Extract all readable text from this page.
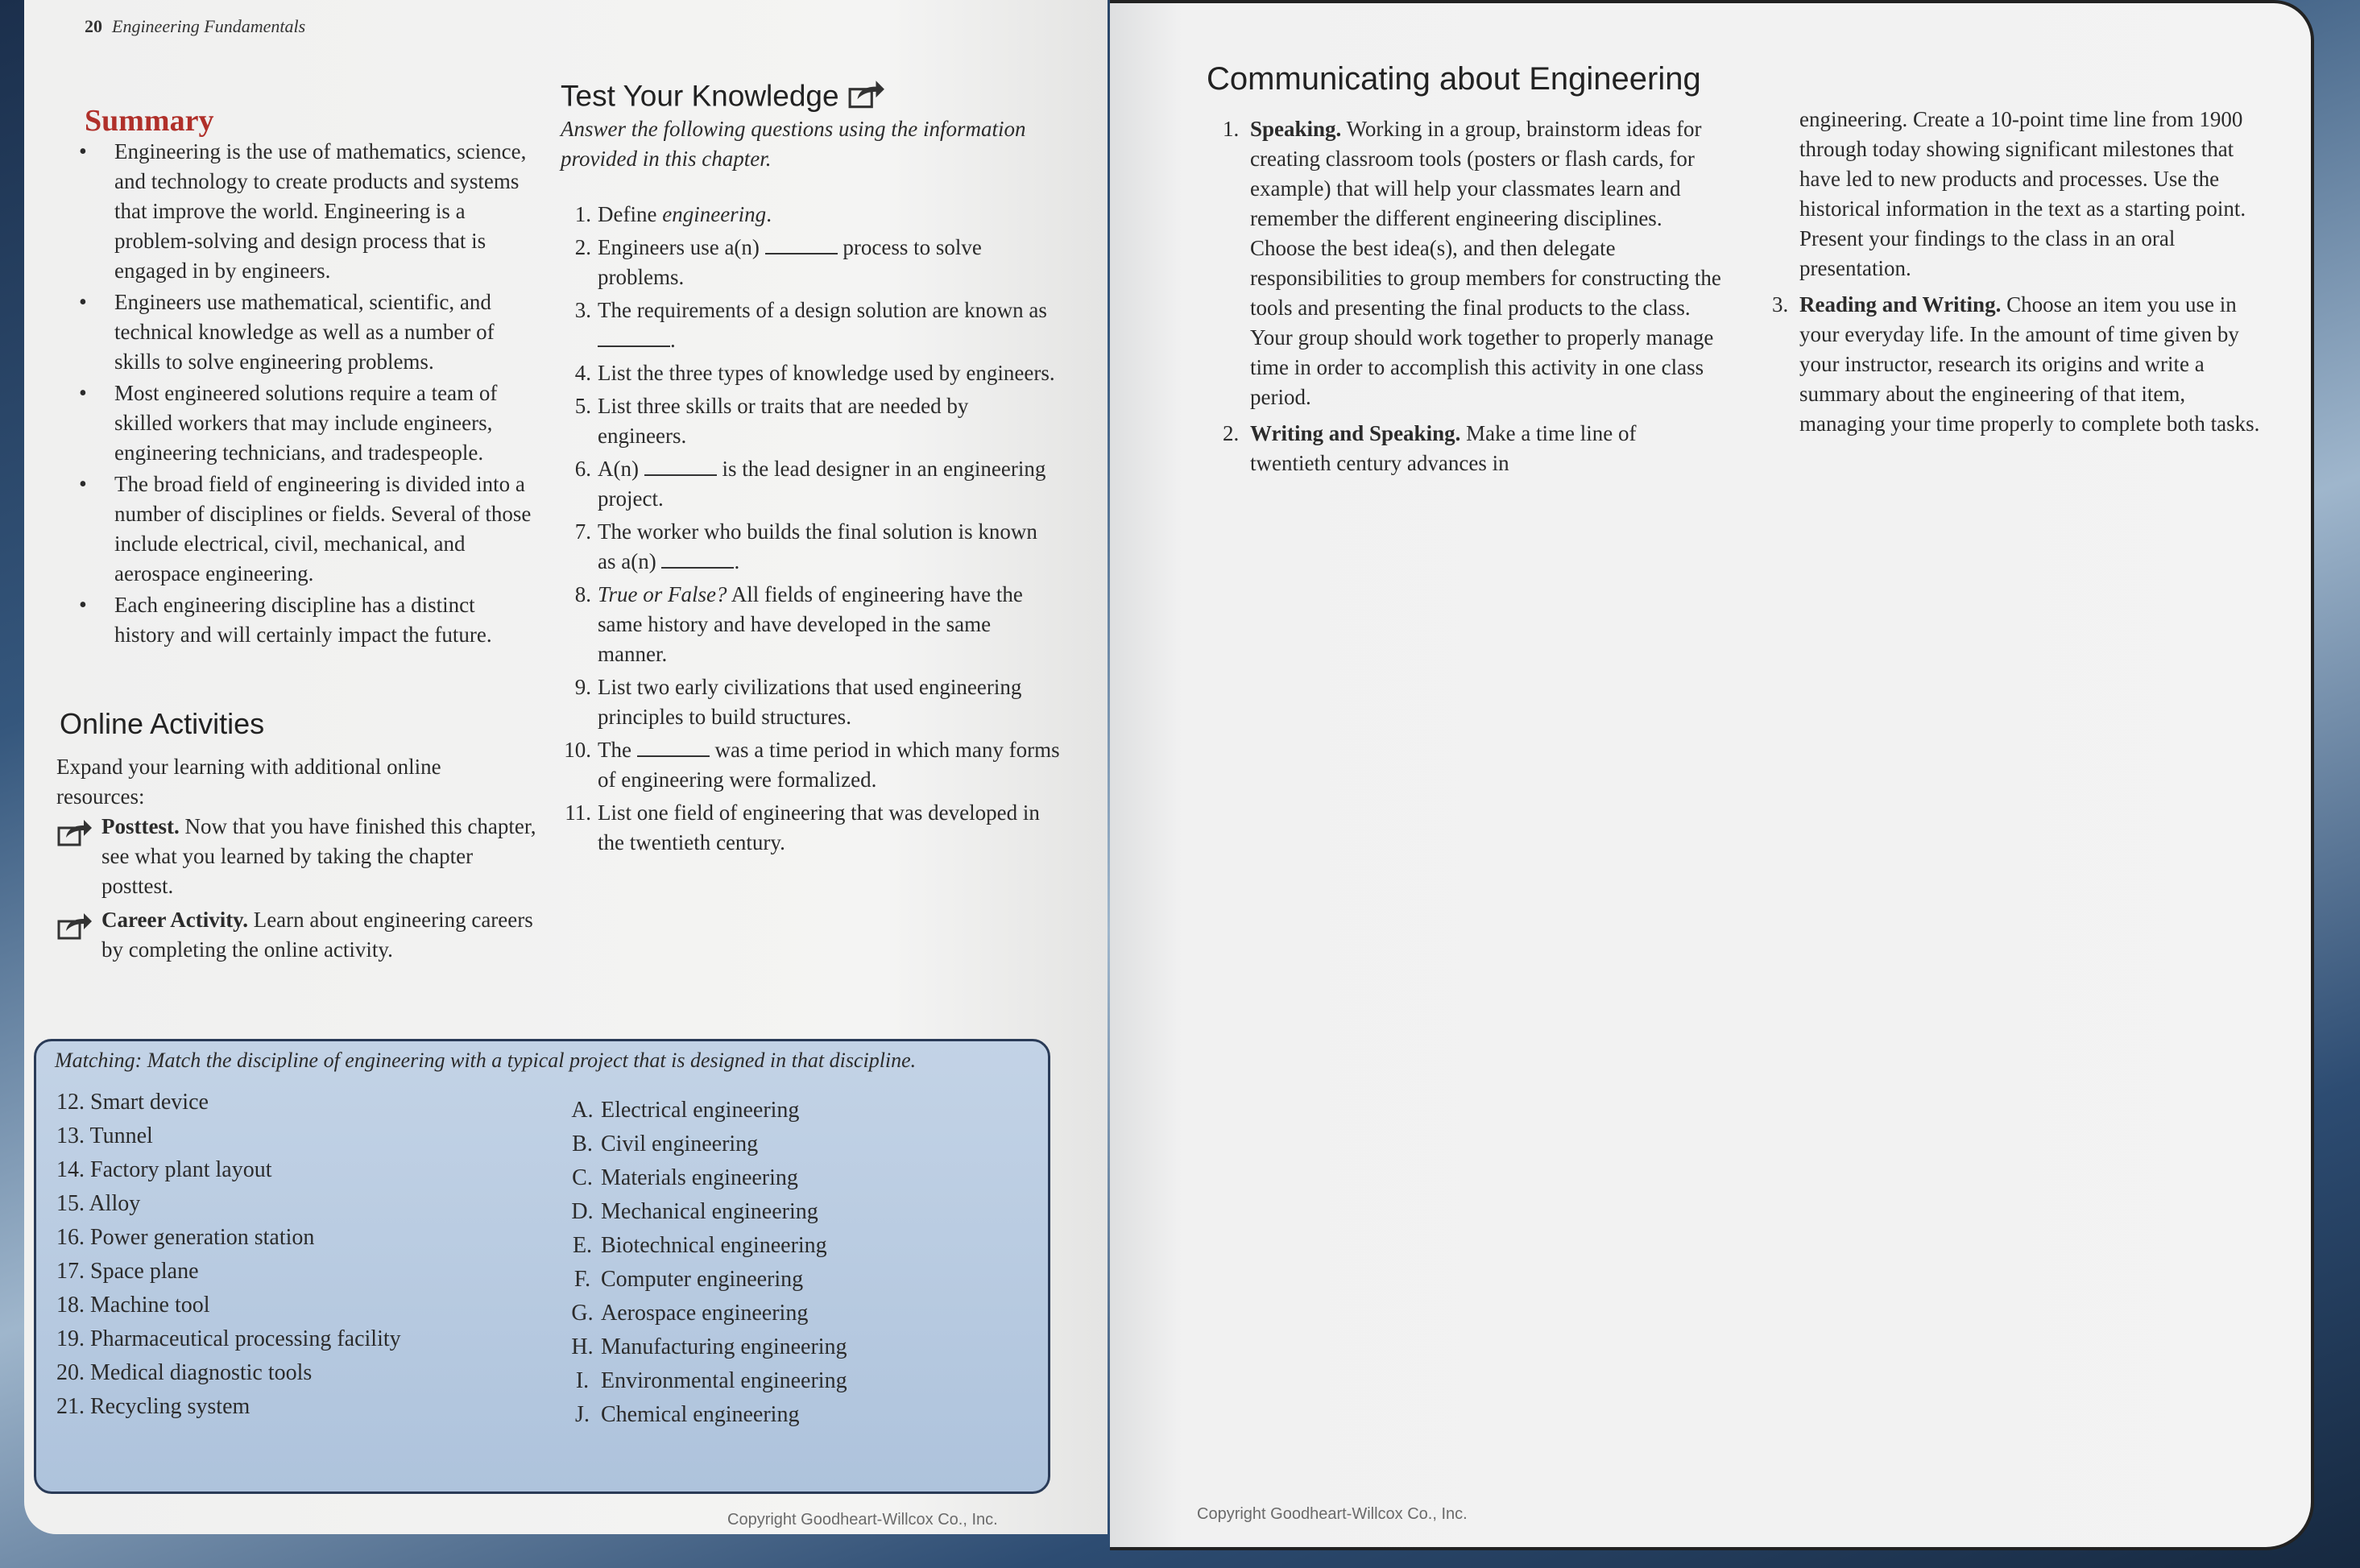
20 Engineering Fundamentals
Summary
• Engineering is the use of mathematics, science, and technology to create products and systems that improve the world. Engineering is a problem-solving and design process that is engaged in by engineers.
• Engineers use mathematical, scientific, and technical knowledge as well as a number of skills to solve engineering problems.
• Most engineered solutions require a team of skilled workers that may include engineers, engineering technicians, and tradespeople.
• The broad field of engineering is divided into a number of disciplines or fields. Several of those include electrical, civil, mechanical, and aerospace engineering.
• Each engineering discipline has a distinct history and will certainly impact the future.
Online Activities
Expand your learning with additional online resources:
Posttest. Now that you have finished this chapter, see what you learned by taking the chapter posttest.
Career Activity. Learn about engineering careers by completing the online activity.
Test Your Knowledge
Answer the following questions using the information provided in this chapter.
1. Define engineering.
2. Engineers use a(n)	process to solve problems.
3. The requirements of a design solution are known as .
4. List the three types of knowledge used by engineers.
5. List three skills or traits that are needed by engineers.
6. A(n)	is the lead designer in an engineering project.
7. The worker who builds the final solution is known as a(n)	.
8. True or False? All fields of engineering have the same history and have developed in the same manner.
9. List two early civilizations that used engineering principles to build structures.
10. The	was a time period in which many forms of engineering were formalized.
11. List one field of engineering that was developed in the twentieth century.
Matching: Match the discipline of engineering with a typical project that is designed in that discipline.
12. Smart device
13. Tunnel
14. Factory plant layout
15. Alloy
16. Power generation station
17. Space plane
18. Machine tool
19. Pharmaceutical processing facility
20. Medical diagnostic tools
21. Recycling system
A. Electrical engineering
B. Civil engineering
C. Materials engineering
D. Mechanical engineering
E. Biotechnical engineering
F. Computer engineering
G. Aerospace engineering
H. Manufacturing engineering
I. Environmental engineering
J. Chemical engineering
Copyright Goodheart-Willcox Co., Inc.
Communicating about Engineering
1. Speaking. Working in a group, brainstorm ideas for creating classroom tools (posters or flash cards, for example) that will help your classmates learn and remember the different engineering disciplines. Choose the best idea(s), and then delegate responsibilities to group members for constructing the tools and presenting the final products to the class. Your group should work together to properly manage time in order to accomplish this activity in one class period.
2. Writing and Speaking. Make a time line of twentieth century advances in
engineering. Create a 10-point time line from 1900 through today showing significant milestones that have led to new products and processes. Use the historical information in the text as a starting point. Present your findings to the class in an oral presentation.
3. Reading and Writing. Choose an item you use in your everyday life. In the amount of time given by your instructor, research its origins and write a summary about the engineering of that item, managing your time properly to complete both tasks.
Copyright Goodheart-Willcox Co., Inc.
